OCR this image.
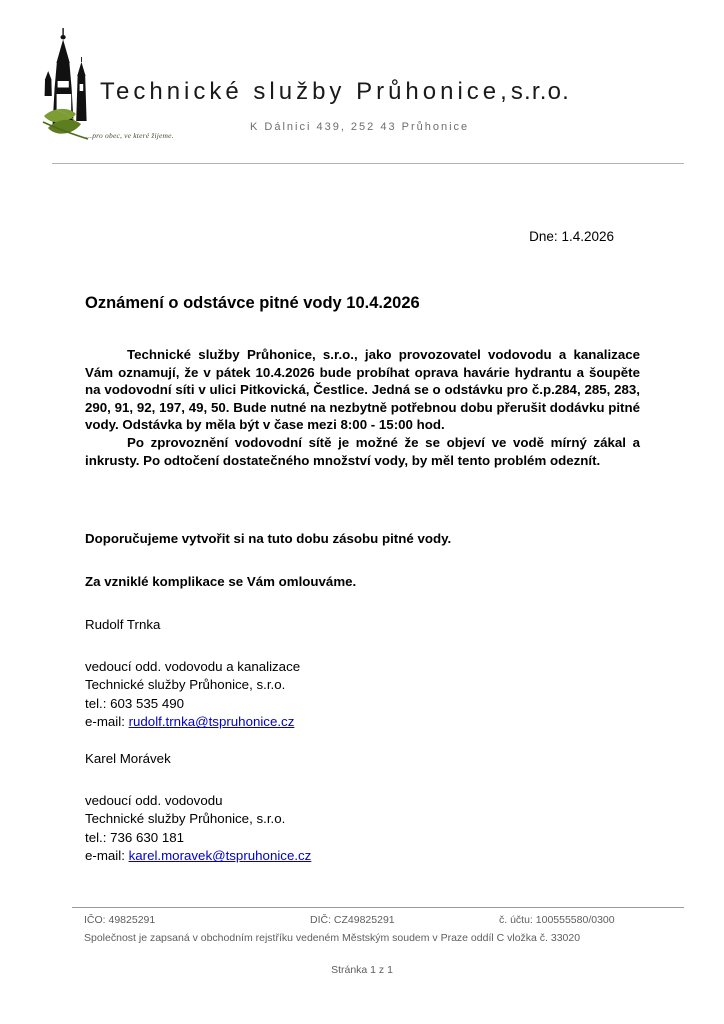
...pro obec, ve které žijeme.
Technické služby Průhonice,s.r.o.
K Dálnici 439, 252 43 Průhonice
Dne: 1.4.2026
Oznámení o odstávce pitné vody 10.4.2026

Technické služby Průhonice, s.r.o., jako provozovatel vodovodu a kanalizace Vám oznamují, že v pátek 10.4.2026 bude probíhat oprava havárie hydrantu a šoupěte na vodovodní síti v ulici Pitkovická, Čestlice. Jedná se o odstávku pro č.p.284, 285, 283, 290, 91, 92, 197, 49, 50. Bude nutné na nezbytně potřebnou dobu přerušit dodávku pitné vody. Odstávka by měla být v čase mezi 8:00 - 15:00 hod.

Po zprovoznění vodovodní sítě je možné že se objeví ve vodě mírný zákal a inkrusty. Po odtočení dostatečného množství vody, by měl tento problém odeznít.

Doporučujeme vytvořit si na tuto dobu zásobu pitné vody.

Za vzniklé komplikace se Vám omlouváme.

Rudolf Trnka
vedoucí odd. vodovodu a kanalizace
Technické služby Průhonice, s.r.o.
tel.: 603 535 490
e-mail: rudolf.trnka@tspruhonice.cz
Karel Morávek
vedoucí odd. vodovodu
Technické služby Průhonice, s.r.o.
tel.: 736 630 181
e-mail: karel.moravek@tspruhonice.cz
IČO: 49825291	DIČ: CZ49825291	č. účtu: 100555580/0300
Společnost je zapsaná v obchodním rejstříku vedeném Městským soudem v Praze oddíl C vložka č. 33020
Stránka 1 z 1
